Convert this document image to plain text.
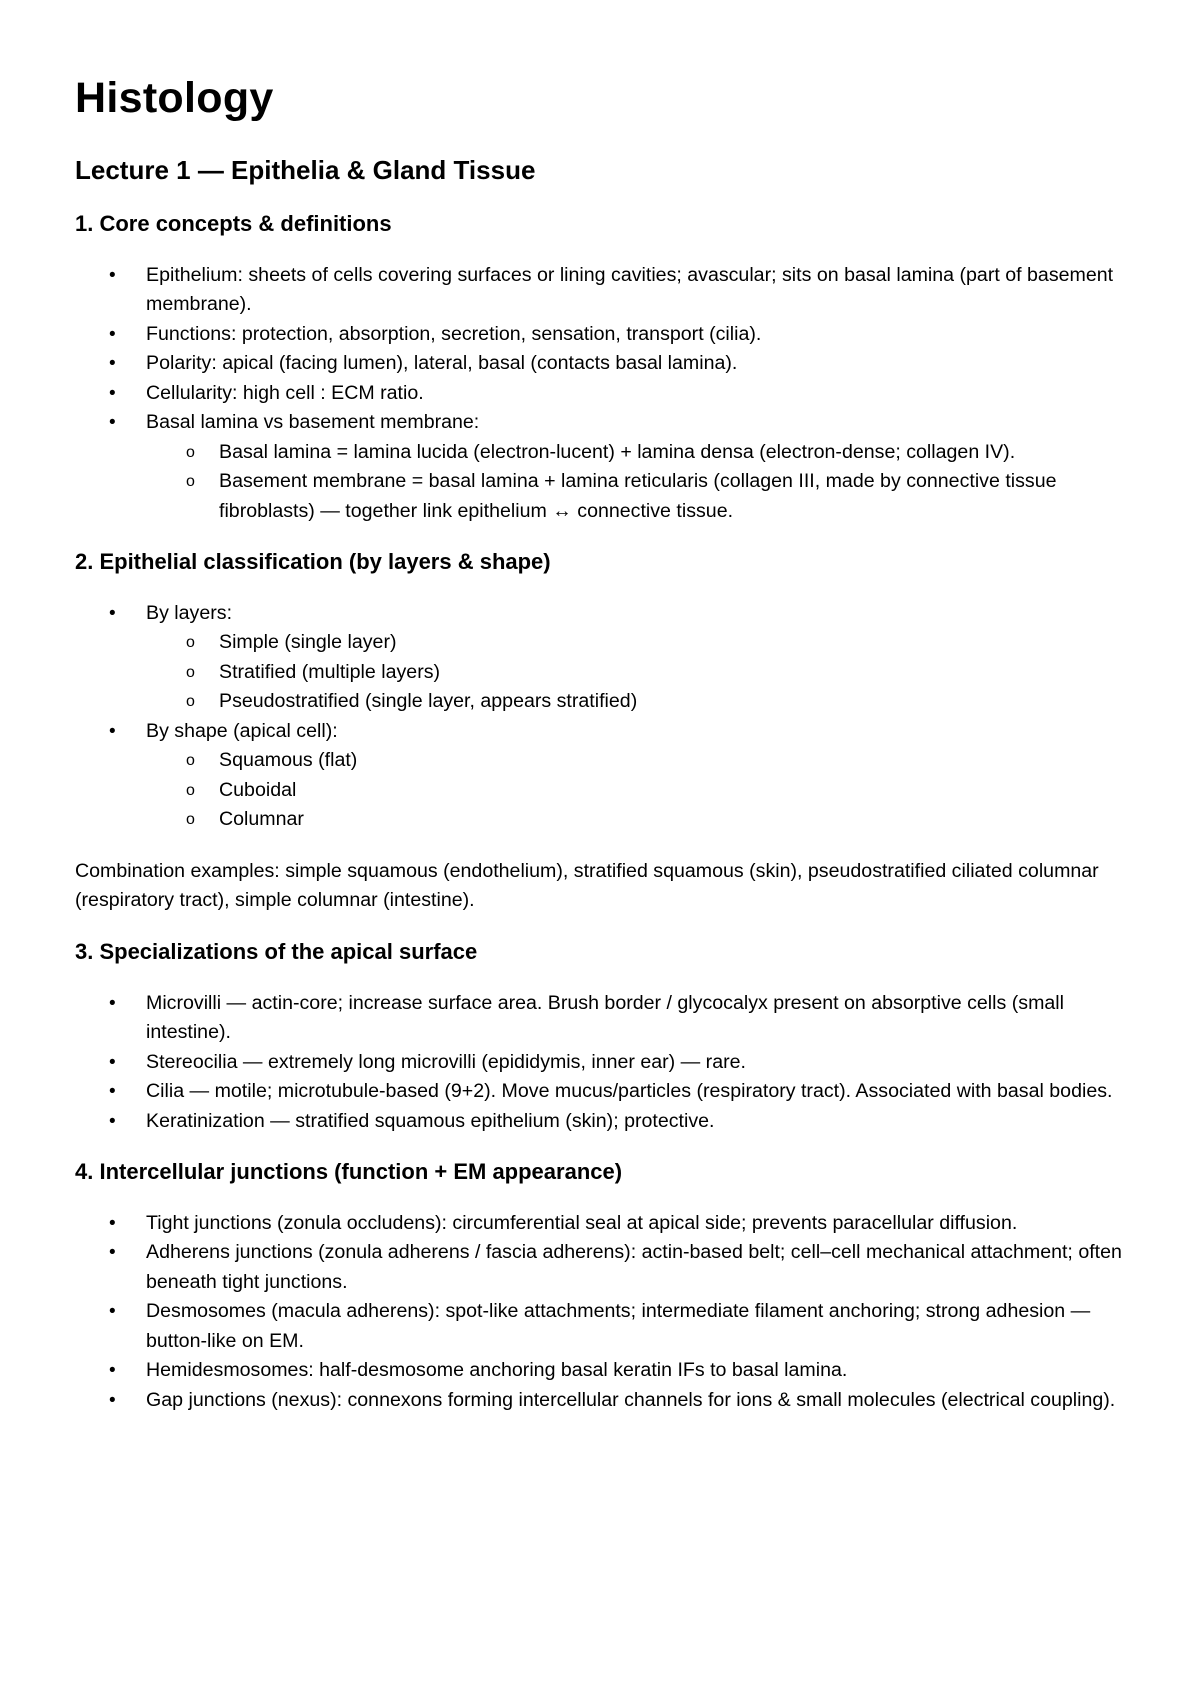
Histology
Lecture 1 — Epithelia & Gland Tissue
1. Core concepts & definitions
• Epithelium: sheets of cells covering surfaces or lining cavities; avascular; sits on basal lamina (part of basement membrane).
• Functions: protection, absorption, secretion, sensation, transport (cilia).
• Polarity: apical (facing lumen), lateral, basal (contacts basal lamina).
• Cellularity: high cell : ECM ratio.
• Basal lamina vs basement membrane:
o Basal lamina = lamina lucida (electron-lucent) + lamina densa (electron-dense; collagen IV).
o Basement membrane = basal lamina + lamina reticularis (collagen III, made by connective tissue fibroblasts) — together link epithelium ↔ connective tissue.
2. Epithelial classification (by layers & shape)
• By layers:
o Simple (single layer)
o Stratified (multiple layers)
o Pseudostratified (single layer, appears stratified)
• By shape (apical cell):
o Squamous (flat)
o Cuboidal
o Columnar

Combination examples: simple squamous (endothelium), stratified squamous (skin), pseudostratified ciliated columnar (respiratory tract), simple columnar (intestine).

3. Specializations of the apical surface
• Microvilli — actin-core; increase surface area. Brush border / glycocalyx present on absorptive cells (small intestine).
• Stereocilia — extremely long microvilli (epididymis, inner ear) — rare.
• Cilia — motile; microtubule-based (9+2). Move mucus/particles (respiratory tract). Associated with basal bodies.
• Keratinization — stratified squamous epithelium (skin); protective.
4. Intercellular junctions (function + EM appearance)
• Tight junctions (zonula occludens): circumferential seal at apical side; prevents paracellular diffusion.
• Adherens junctions (zonula adherens / fascia adherens): actin-based belt; cell–cell mechanical attachment; often beneath tight junctions.
• Desmosomes (macula adherens): spot-like attachments; intermediate filament anchoring; strong adhesion — button-like on EM.
• Hemidesmosomes: half-desmosome anchoring basal keratin IFs to basal lamina.
• Gap junctions (nexus): connexons forming intercellular channels for ions & small molecules (electrical coupling).
